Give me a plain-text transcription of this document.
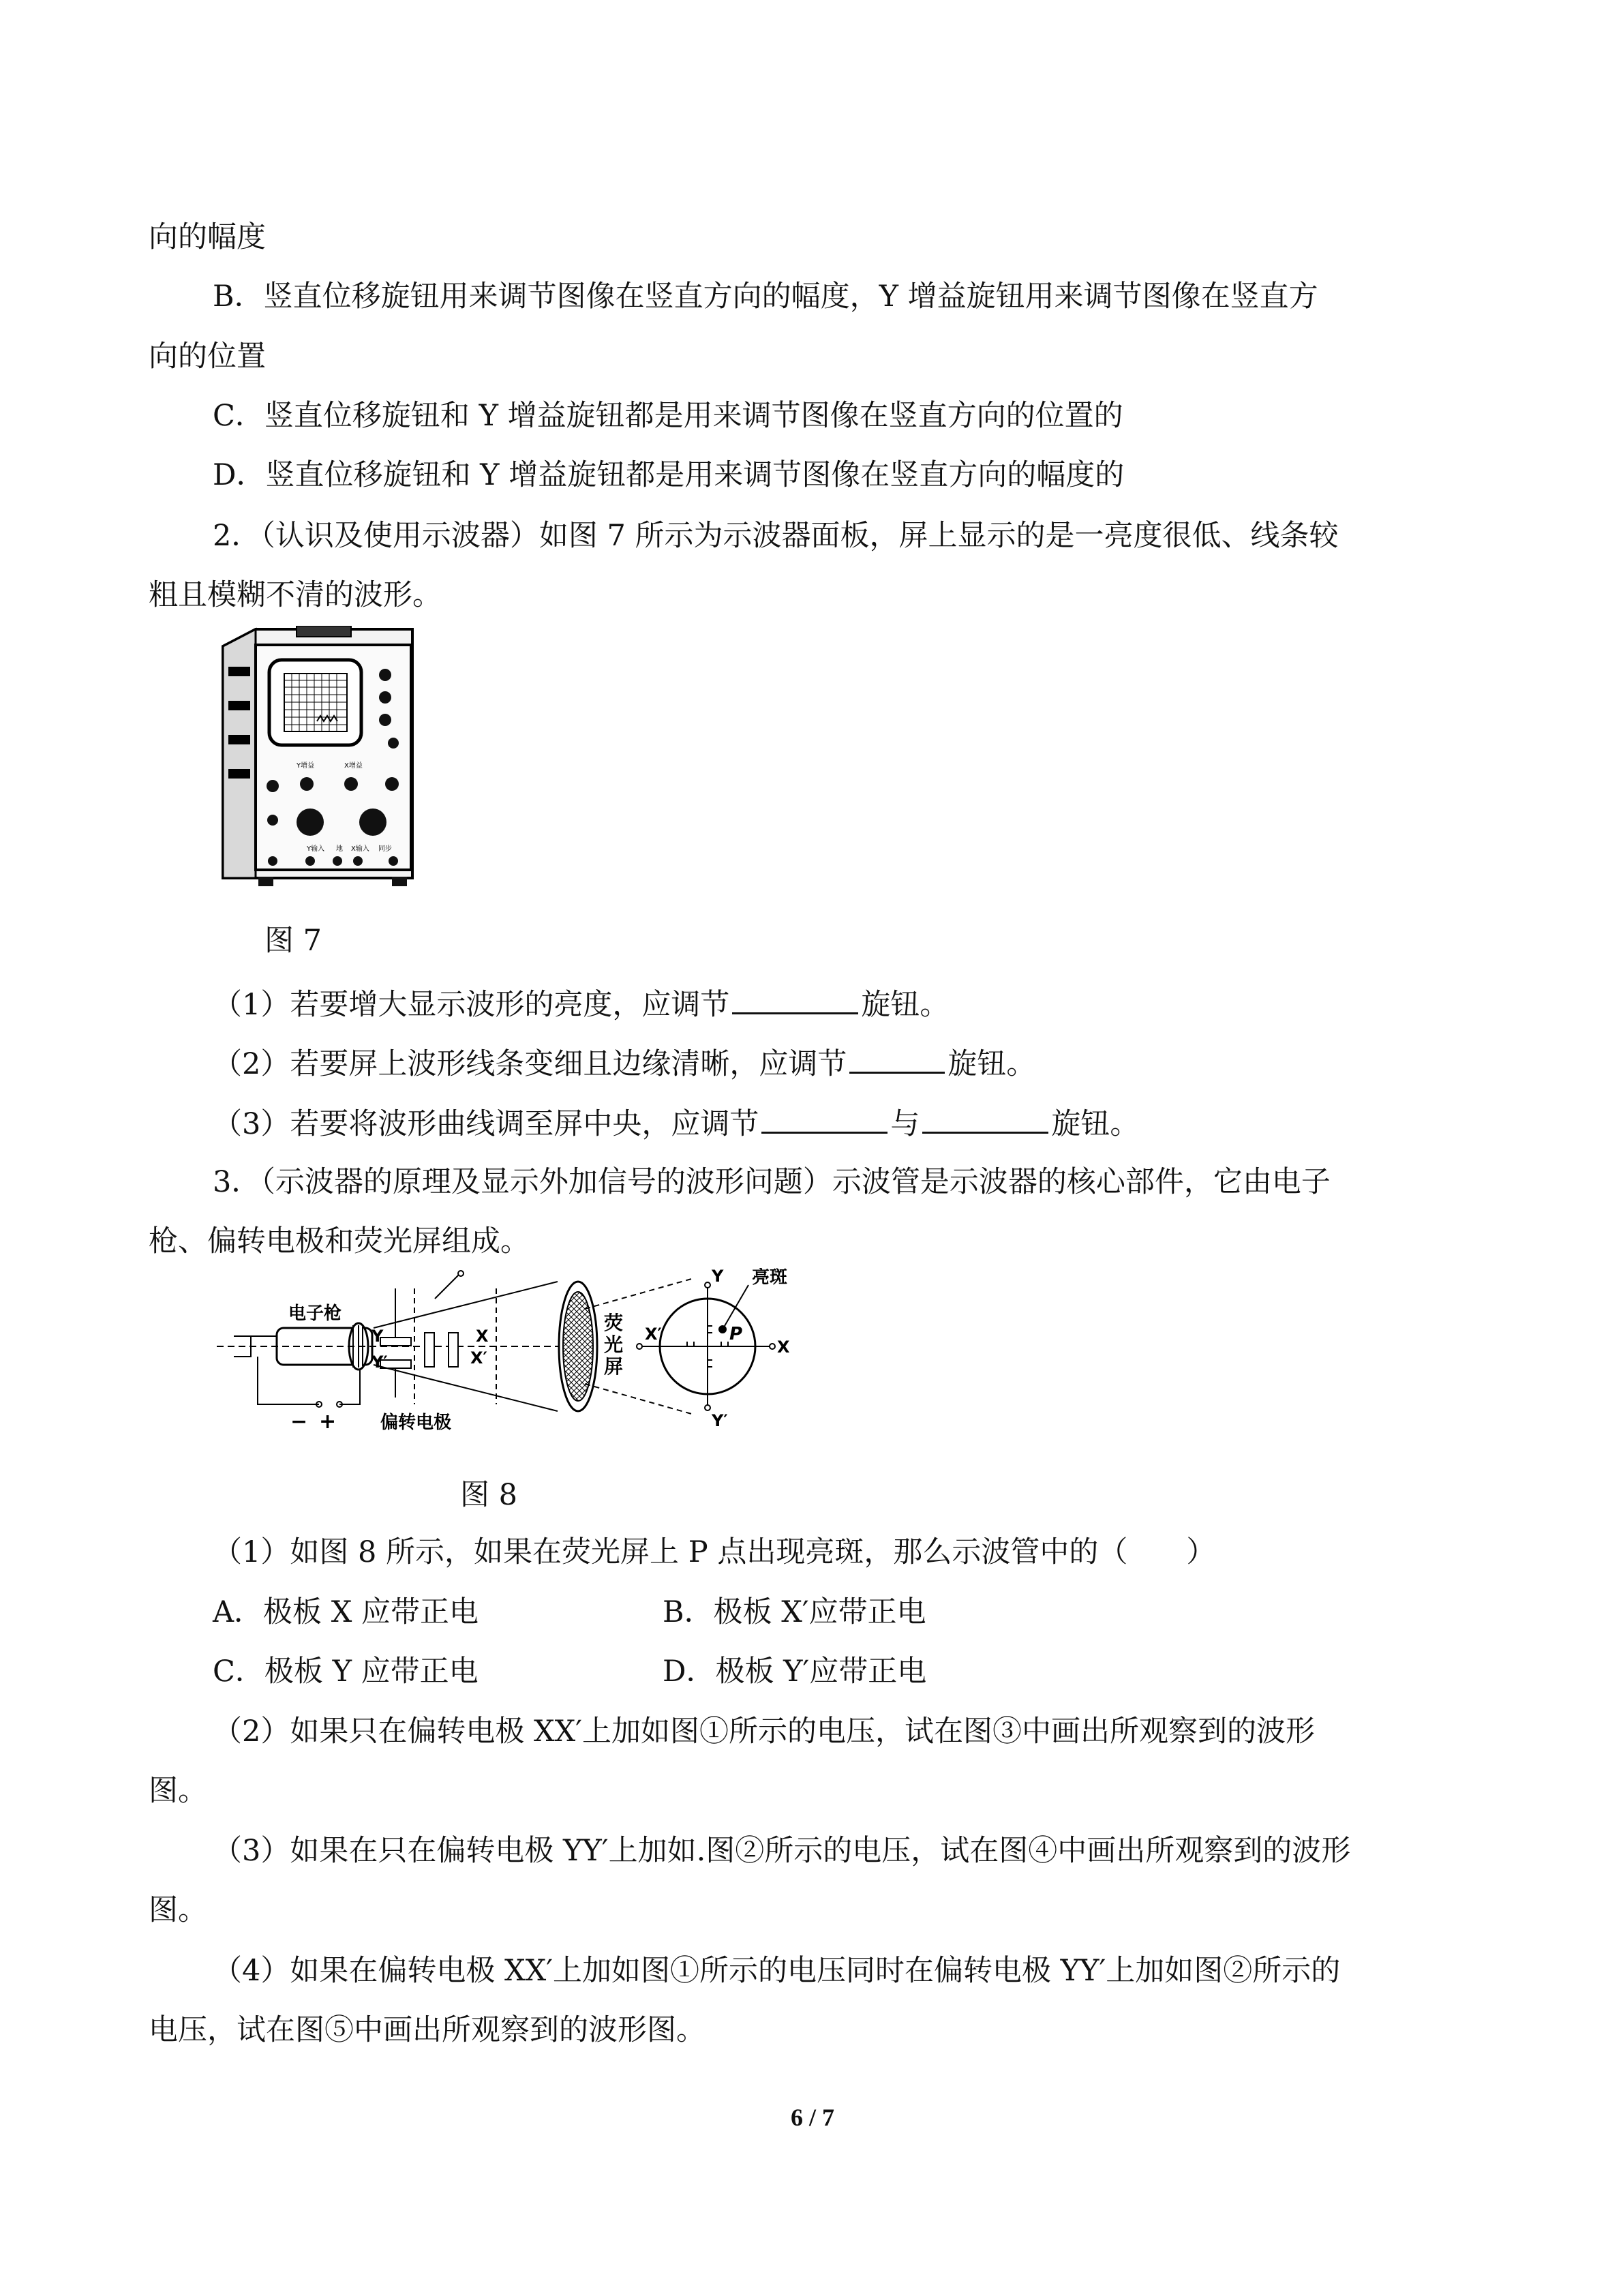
向的幅度
B．竖直位移旋钮用来调节图像在竖直方向的幅度，Y 增益旋钮用来调节图像在竖直方
向的位置
C．竖直位移旋钮和 Y 增益旋钮都是用来调节图像在竖直方向的位置的
D．竖直位移旋钮和 Y 增益旋钮都是用来调节图像在竖直方向的幅度的
2．（认识及使用示波器）如图 7 所示为示波器面板，屏上显示的是一亮度很低、线条较
粗且模糊不清的波形。
Y增益	X增益
Y输入 地 X输入 同步
图 7
（1）若要增大显示波形的亮度，应调节	旋钮。
（2）若要屏上波形线条变细且边缘清晰，应调节	旋钮。
（3）若要将波形曲线调至屏中央，应调节	与	旋钮。
3．（示波器的原理及显示外加信号的波形问题）示波管是示波器的核心部件，它由电子
枪、偏转电极和荧光屏组成。
电子枪
− +
Y
Y′
X
X′
偏转电极
荧
光
屏
Y
Y′
X′
X
P
亮斑
图 8
（1）如图 8 所示，如果在荧光屏上 P 点出现亮斑，那么示波管中的（　　）
A．极板 X 应带正电	B．极板 X′应带正电
C．极板 Y 应带正电	D．极板 Y′应带正电
（2）如果只在偏转电极 XX′上加如图①所示的电压，试在图③中画出所观察到的波形
图。
（3）如果在只在偏转电极 YY′上加如.图②所示的电压，试在图④中画出所观察到的波形
图。
（4）如果在偏转电极 XX′上加如图①所示的电压同时在偏转电极 YY′上加如图②所示的
电压，试在图⑤中画出所观察到的波形图。
6 / 7
